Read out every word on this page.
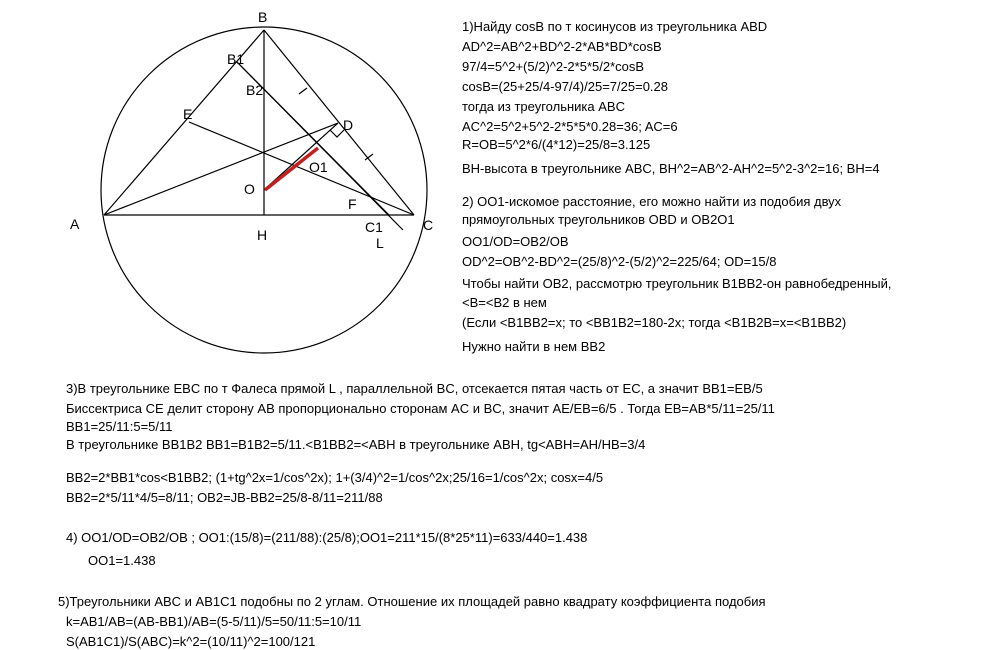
B
B1
B2
E
D
O
O1
A
H
F
C1
L
C
1)Найду cosB по т косинусов из треугольника ABD
AD^2=AB^2+BD^2-2*AB*BD*cosB
97/4=5^2+(5/2)^2-2*5*5/2*cosB
cosB=(25+25/4-97/4)/25=7/25=0.28
тогда из треугольника ABC
AC^2=5^2+5^2-2*5*5*0.28=36; AC=6
R=OB=5^2*6/(4*12)=25/8=3.125
BH-высота в треугольнике ABC, BH^2=AB^2-AH^2=5^2-3^2=16; BH=4
2) OO1-искомое расстояние, его можно найти из подобия двух
прямоугольных треугольников OBD и OB2O1
OO1/OD=OB2/OB
OD^2=OB^2-BD^2=(25/8)^2-(5/2)^2=225/64; OD=15/8
Чтобы найти OB2, рассмотрю треугольник B1BB2-он равнобедренный,
<B=<B2 в нем
(Если <B1BB2=x; то <BB1B2=180-2x; тогда <B1B2B=x=<B1BB2)
Нужно найти в нем BB2
3)В треугольнике EBC по т Фалеса прямой L , параллельной BC, отсекается пятая часть от EC, а значит BB1=EB/5
Биссектриса CE делит сторону AB пропорционально сторонам AC и BC, значит AE/EB=6/5 . Тогда EB=AB*5/11=25/11
BB1=25/11:5=5/11
В треугольнике BB1B2 BB1=B1B2=5/11.<B1BB2=<ABH в треугольнике ABH, tg<ABH=AH/HB=3/4
BB2=2*BB1*cos<B1BB2; (1+tg^2x=1/cos^2x); 1+(3/4)^2=1/cos^2x;25/16=1/cos^2x; cosx=4/5
BB2=2*5/11*4/5=8/11; OB2=JB-BB2=25/8-8/11=211/88
4) OO1/OD=OB2/OB ; OO1:(15/8)=(211/88):(25/8);OO1=211*15/(8*25*11)=633/440=1.438
OO1=1.438
5)Треугольники ABC и AB1C1 подобны по 2 углам. Отношение их площадей равно квадрату коэффициента подобия
k=AB1/AB=(AB-BB1)/AB=(5-5/11)/5=50/11:5=10/11
S(AB1C1)/S(ABC)=k^2=(10/11)^2=100/121
